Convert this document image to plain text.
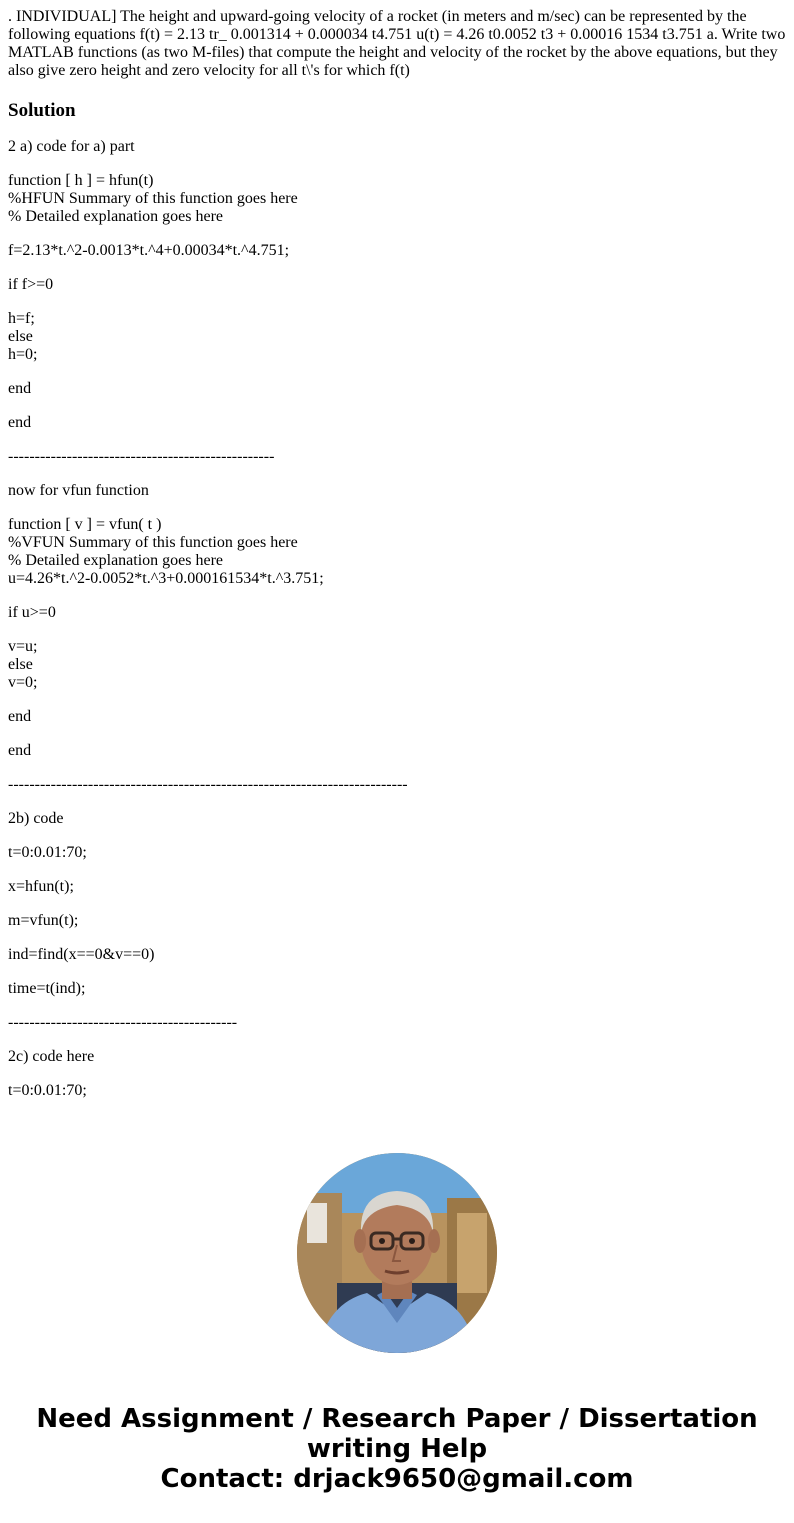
. INDIVIDUAL] The height and upward-going velocity of a rocket (in meters and m/sec) can be represented by the following equations f(t) = 2.13 tr_ 0.001314 + 0.000034 t4.751 u(t) = 4.26 t0.0052 t3 + 0.00016 1534 t3.751 a. Write two MATLAB functions (as two M-files) that compute the height and velocity of the rocket by the above equations, but they also give zero height and zero velocity for all t\'s for which f(t)
Solution
2 a) code for a) part
function [ h ] = hfun(t)
%HFUN Summary of this function goes here
% Detailed explanation goes here
f=2.13*t.^2-0.0013*t.^4+0.00034*t.^4.751;
if f>=0
h=f;
else
h=0;
end
end
--------------------------------------------------
now for vfun function
function [ v ] = vfun( t )
%VFUN Summary of this function goes here
% Detailed explanation goes here
u=4.26*t.^2-0.0052*t.^3+0.000161534*t.^3.751;
if u>=0
v=u;
else
v=0;
end
end
---------------------------------------------------------------------------
2b) code
t=0:0.01:70;
x=hfun(t);
m=vfun(t);
ind=find(x==0&v==0)
time=t(ind);
-------------------------------------------
2c) code here
t=0:0.01:70;
Need Assignment / Research Paper / Dissertation
writing Help
Contact: drjack9650@gmail.com
